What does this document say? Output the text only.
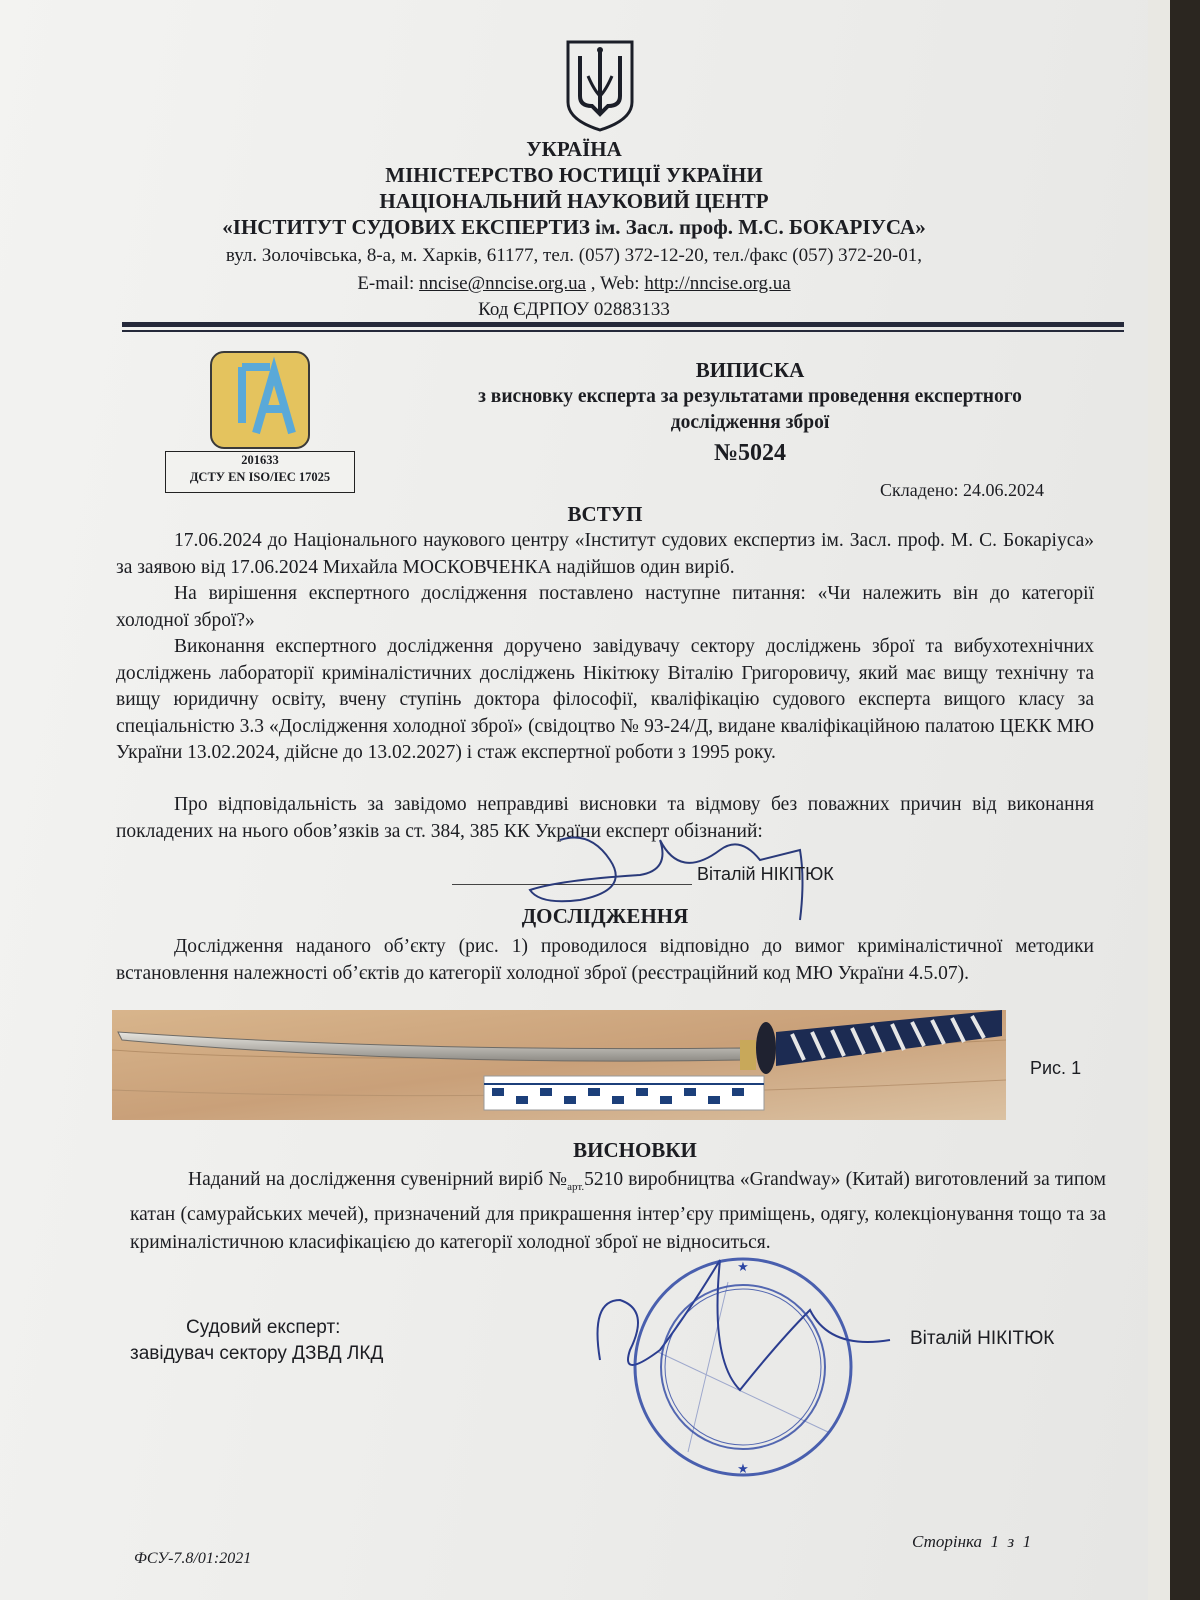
УКРАЇНА
МІНІСТЕРСТВО ЮСТИЦІЇ УКРАЇНИ
НАЦІОНАЛЬНИЙ НАУКОВИЙ ЦЕНТР
«ІНСТИТУТ СУДОВИХ ЕКСПЕРТИЗ ім. Засл. проф. М.С. БОКАРІУСА»
вул. Золочівська, 8-а, м. Харків, 61177, тел. (057) 372-12-20, тел./факс (057) 372-20-01,
E-mail: nncise@nncise.org.ua , Web: http://nncise.org.ua
Код ЄДРПОУ 02883133
201633
ДСТУ EN ISO/IEC 17025
ВИПИСКА
з висновку експерта за результатами проведення експертного
дослідження зброї
№5024
Складено: 24.06.2024
ВСТУП
17.06.2024 до Національного наукового центру «Інститут судових експертиз ім. Засл. проф. М. С. Бокаріуса» за заявою від 17.06.2024 Михайла МОСКОВЧЕНКА надійшов один виріб.
На вирішення експертного дослідження поставлено наступне питання: «Чи належить він до категорії холодної зброї?»
Виконання експертного дослідження доручено завідувачу сектору досліджень зброї та вибухотехнічних досліджень лабораторії криміналістичних досліджень Нікітюку Віталію Григоровичу, який має вищу технічну та вищу юридичну освіту, вчену ступінь доктора філософії, кваліфікацію судового експерта вищого класу за спеціальністю 3.3 «Дослідження холодної зброї» (свідоцтво № 93-24/Д, видане кваліфікаційною палатою ЦЕКК МЮ України 13.02.2024, дійсне до 13.02.2027) і стаж експертної роботи з 1995 року.
Про відповідальність за завідомо неправдиві висновки та відмову без поважних причин від виконання покладених на нього обов’язків за ст. 384, 385 КК України експерт обізнаний:
Віталій НІКІТЮК
ДОСЛІДЖЕННЯ
Дослідження наданого об’єкту (рис. 1) проводилося відповідно до вимог криміналістичної методики встановлення належності об’єктів до категорії холодної зброї (реєстраційний код МЮ України 4.5.07).
Рис. 1
ВИСНОВКИ
Наданий на дослідження сувенірний виріб $№_{арт.}5210$ виробництва «Grandway» (Китай) виготовлений за типом катан (самурайських мечей), призначений для прикрашення інтер’єру приміщень, одягу, колекціонування тощо та за криміналістичною класифікацією до категорії холодної зброї не відноситься.
Судовий експерт:
завідувач сектору ДЗВД ЛКД
Віталій НІКІТЮК
★
★
ФСУ-7.8/01:2021
Сторінка  1  з  1
